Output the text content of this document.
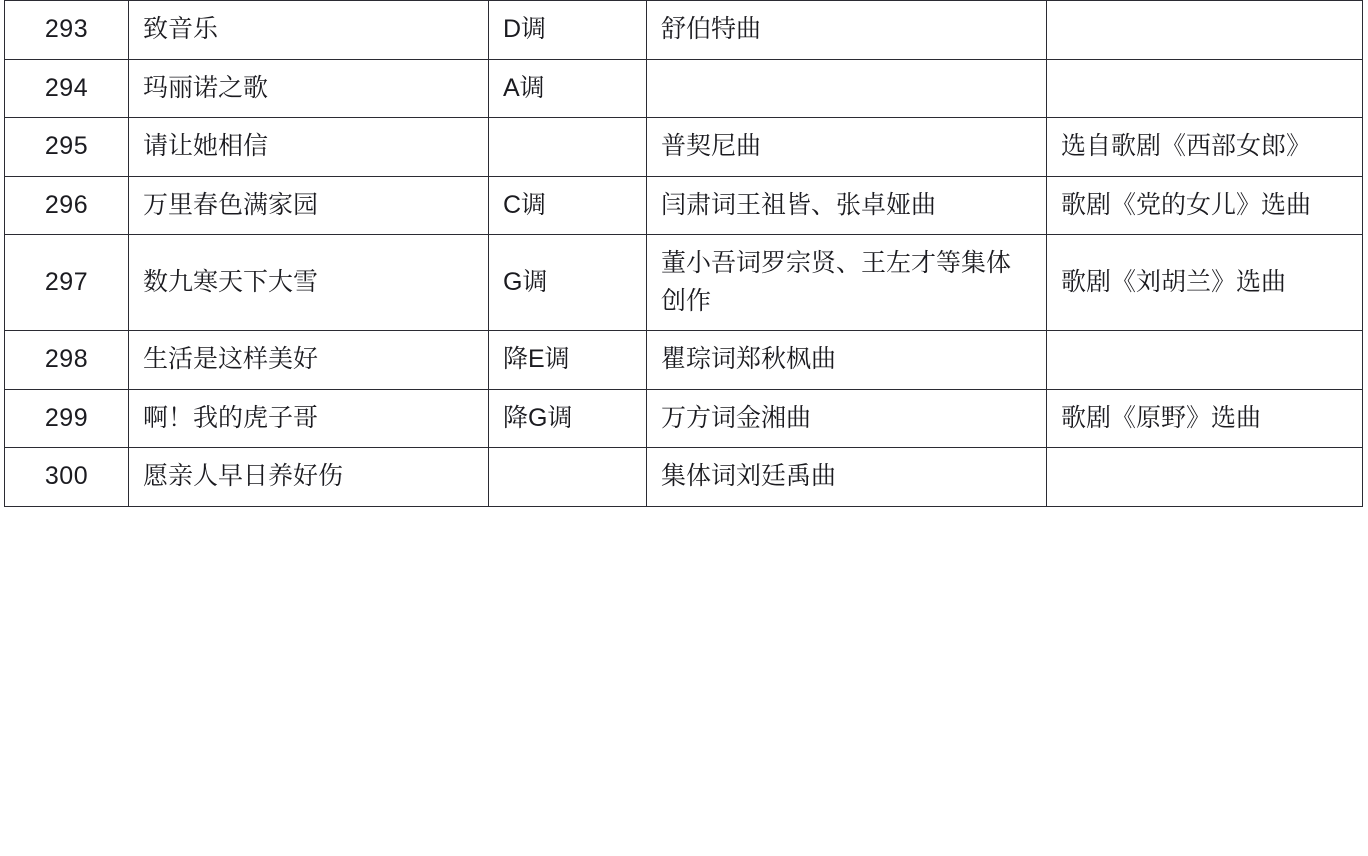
293	致音乐	D调	舒伯特曲	
294	玛丽诺之歌	A调		
295	请让她相信		普契尼曲	选自歌剧《西部女郎》
296	万里春色满家园	C调	闫肃词王祖皆、张卓娅曲	歌剧《党的女儿》选曲
297	数九寒天下大雪	G调	董小吾词罗宗贤、王左才等集体创作	歌剧《刘胡兰》选曲
298	生活是这样美好	降E调	瞿琮词郑秋枫曲	
299	啊！我的虎子哥	降G调	万方词金湘曲	歌剧《原野》选曲
300	愿亲人早日养好伤		集体词刘廷禹曲	
